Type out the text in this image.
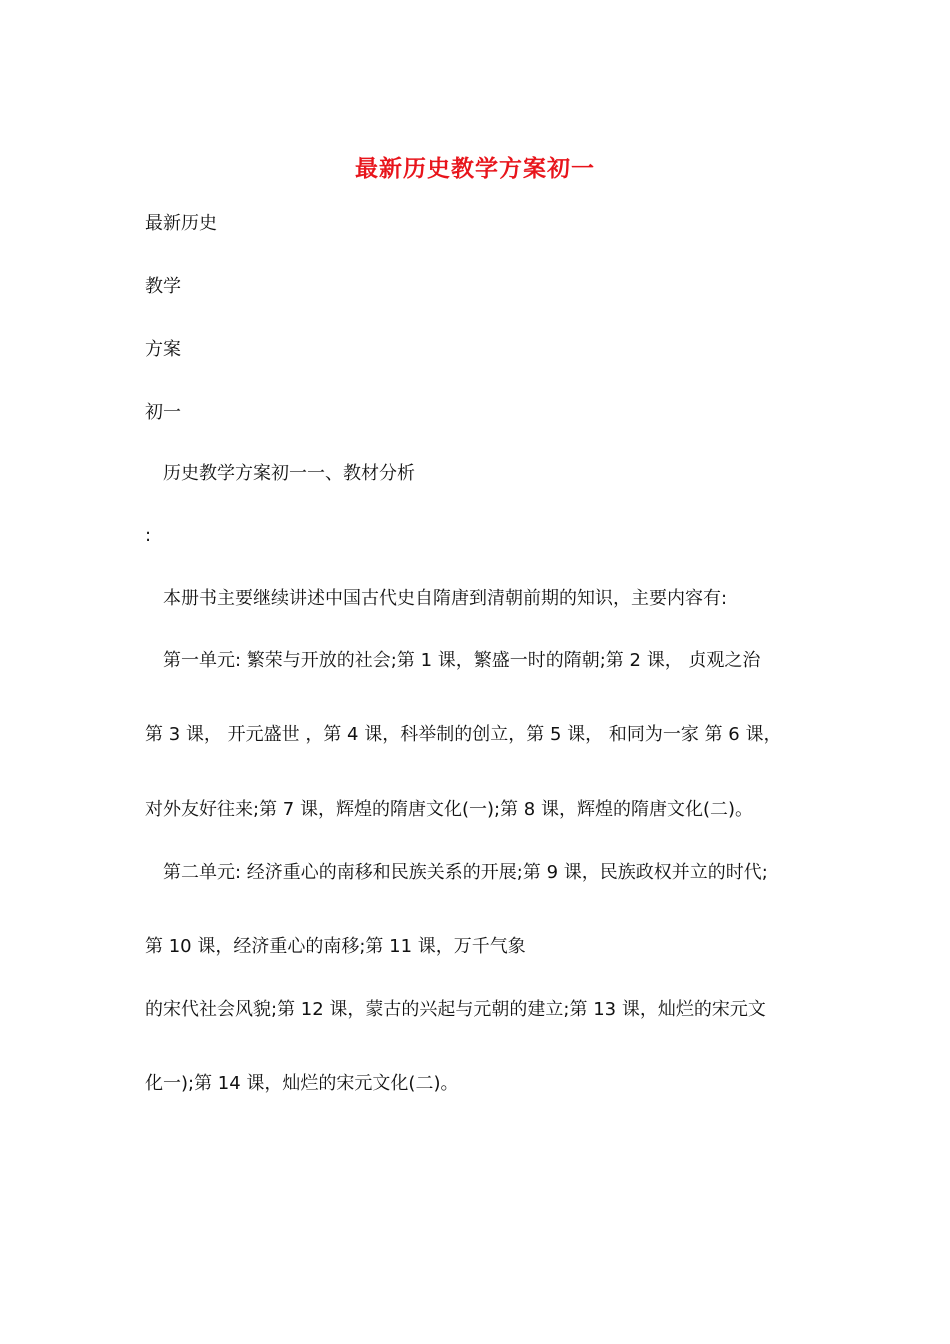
最新历史教学方案初一
最新历史
教学
方案
初一
历史教学方案初一一、教材分析
:
本册书主要继续讲述中国古代史自隋唐到清朝前期的知识，主要内容有:
第一单元: 繁荣与开放的社会;第 1 课，繁盛一时的隋朝;第 2 课， 贞观之治
第 3 课， 开元盛世 ，第 4 课，科举制的创立，第 5 课， 和同为一家 第 6 课，
对外友好往来;第 7 课，辉煌的隋唐文化(一);第 8 课，辉煌的隋唐文化(二)。
第二单元: 经济重心的南移和民族关系的开展;第 9 课，民族政权并立的时代;
第 10 课，经济重心的南移;第 11 课，万千气象
的宋代社会风貌;第 12 课，蒙古的兴起与元朝的建立;第 13 课，灿烂的宋元文
化一);第 14 课，灿烂的宋元文化(二)。
